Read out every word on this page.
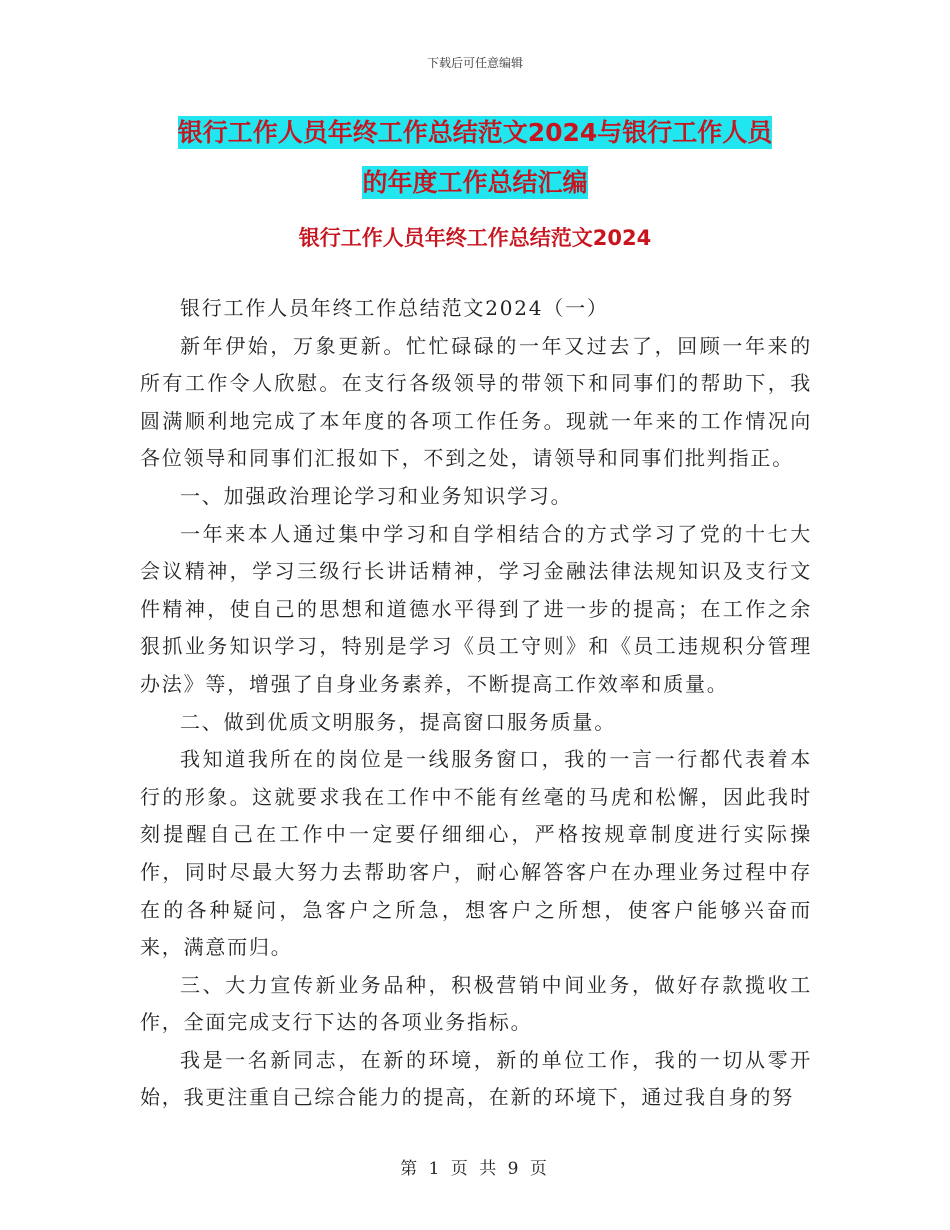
下载后可任意编辑
银行工作人员年终工作总结范文2024与银行工作人员
的年度工作总结汇编
银行工作人员年终工作总结范文2024

银行工作人员年终工作总结范文2024（一）

新年伊始，万象更新。忙忙碌碌的一年又过去了，回顾一年来的所有工作令人欣慰。在支行各级领导的带领下和同事们的帮助下，我圆满顺利地完成了本年度的各项工作任务。现就一年来的工作情况向各位领导和同事们汇报如下，不到之处，请领导和同事们批判指正。

一、加强政治理论学习和业务知识学习。

一年来本人通过集中学习和自学相结合的方式学习了党的十七大会议精神，学习三级行长讲话精神，学习金融法律法规知识及支行文件精神，使自己的思想和道德水平得到了进一步的提高；在工作之余狠抓业务知识学习，特别是学习《员工守则》和《员工违规积分管理办法》等，增强了自身业务素养，不断提高工作效率和质量。

二、做到优质文明服务，提高窗口服务质量。

我知道我所在的岗位是一线服务窗口，我的一言一行都代表着本行的形象。这就要求我在工作中不能有丝毫的马虎和松懈，因此我时刻提醒自己在工作中一定要仔细细心，严格按规章制度进行实际操作，同时尽最大努力去帮助客户，耐心解答客户在办理业务过程中存在的各种疑问，急客户之所急，想客户之所想，使客户能够兴奋而来，满意而归。

三、大力宣传新业务品种，积极营销中间业务，做好存款揽收工作，全面完成支行下达的各项业务指标。

我是一名新同志，在新的环境，新的单位工作，我的一切从零开始，我更注重自己综合能力的提高，在新的环境下，通过我自身的努

第 1 页 共 9 页
